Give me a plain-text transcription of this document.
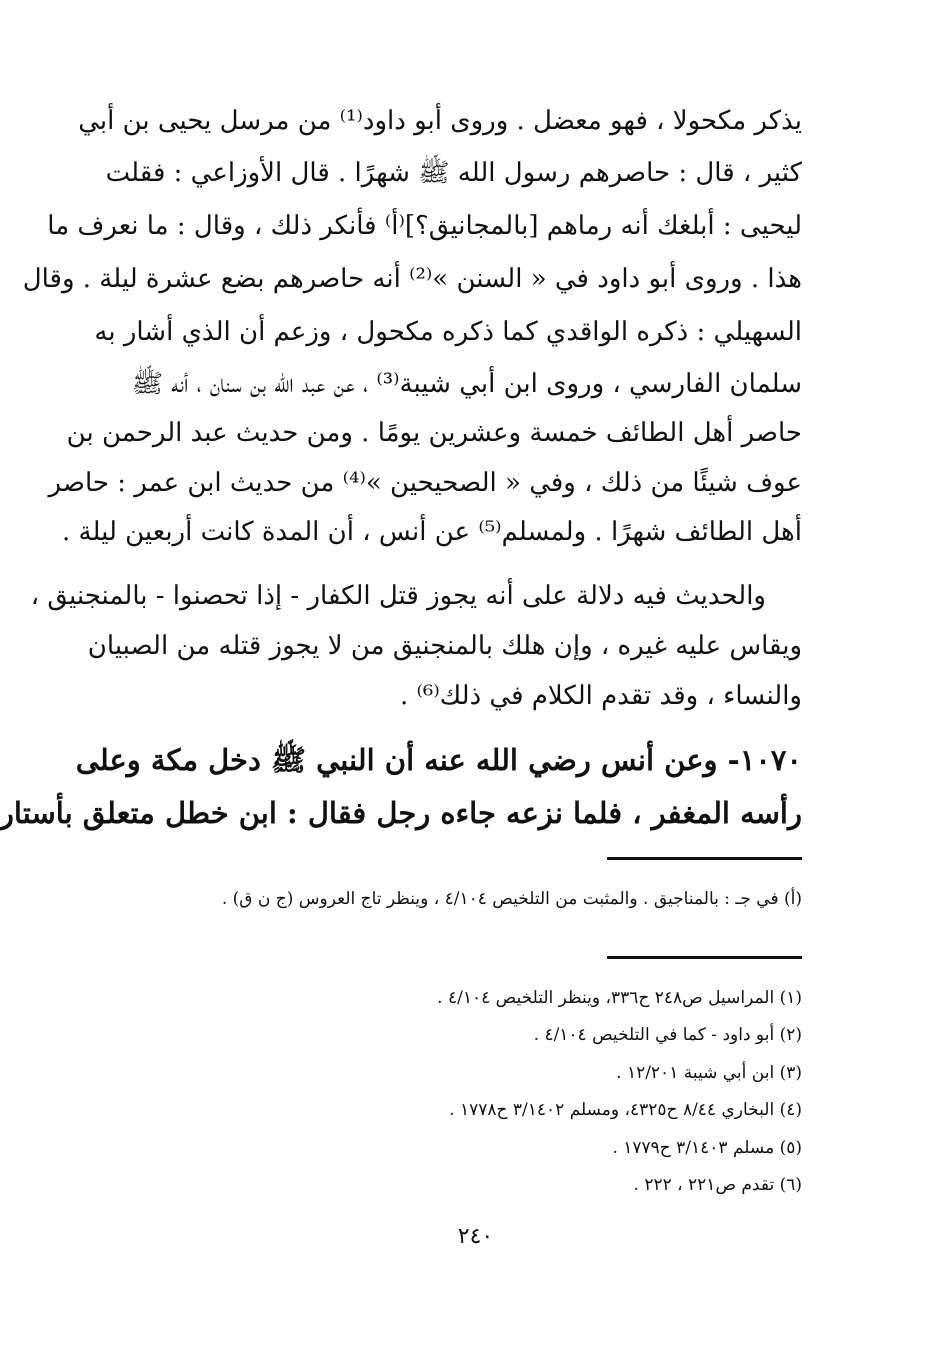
يذكر مكحولا ، فهو معضل . وروى أبو داود⁽¹⁾ من مرسل يحيى بن أبي
كثير ، قال : حاصرهم رسول الله ﷺ شهرًا . قال الأوزاعي : فقلت
ليحيى : أبلغك أنه رماهم [بالمجانيق؟]⁽أ⁾ فأنكر ذلك ، وقال : ما نعرف ما
هذا . وروى أبو داود في « السنن »⁽²⁾ أنه حاصرهم بضع عشرة ليلة . وقال
السهيلي : ذكره الواقدي كما ذكره مكحول ، وزعم أن الذي أشار به
سلمان الفارسي ، وروى ابن أبي شيبة⁽³⁾ ، عن عبد الله بن سنان ، أنه ﷺ
حاصر أهل الطائف خمسة وعشرين يومًا . ومن حديث عبد الرحمن بن
عوف شيئًا من ذلك ، وفي « الصحيحين »⁽⁴⁾ من حديث ابن عمر : حاصر
أهل الطائف شهرًا . ولمسلم⁽⁵⁾ عن أنس ، أن المدة كانت أربعين ليلة .
والحديث فيه دلالة على أنه يجوز قتل الكفار - إذا تحصنوا - بالمنجنيق ،
ويقاس عليه غيره ، وإن هلك بالمنجنيق من لا يجوز قتله من الصبيان
والنساء ، وقد تقدم الكلام في ذلك⁽⁶⁾ .
١٠٧٠- وعن أنس رضي الله عنه أن النبي ﷺ دخل مكة وعلى
رأسه المغفر ، فلما نزعه جاءه رجل فقال : ابن خطل متعلق بأستار
(أ) في جـ : بالمناجيق . والمثبت من التلخيص ٤/١٠٤ ، وينظر تاج العروس (ج ن ق) .
(١) المراسيل ص٢٤٨ ح٣٣٦، وينظر التلخيص ٤/١٠٤ .
(٢) أبو داود - كما في التلخيص ٤/١٠٤ .
(٣) ابن أبي شيبة ١٢/٢٠١ .
(٤) البخاري ٨/٤٤ ح٤٣٢٥، ومسلم ٣/١٤٠٢ ح١٧٧٨ .
(٥) مسلم ٣/١٤٠٣ ح١٧٧٩ .
(٦) تقدم ص٢٢١ ، ٢٢٢ .
٢٤٠
